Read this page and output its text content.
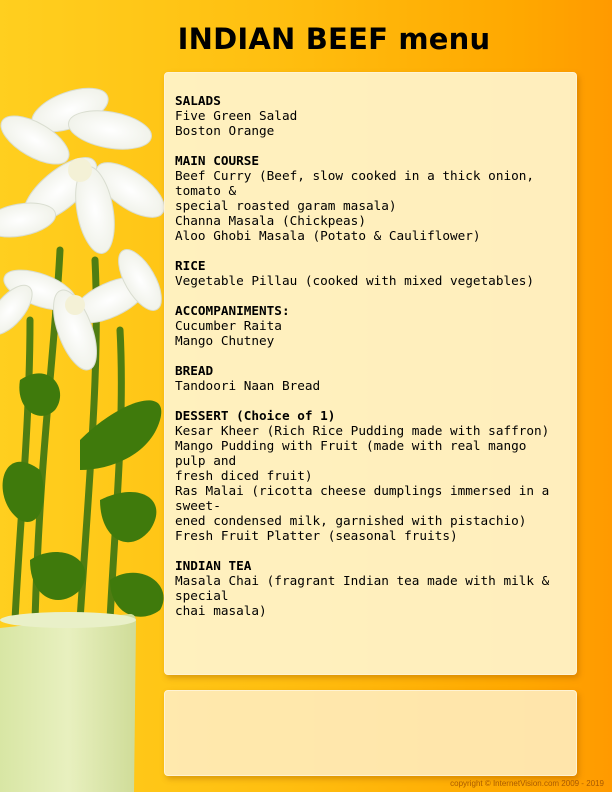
INDIAN BEEF menu
SALADS
Five Green Salad
Boston Orange
MAIN COURSE
Beef Curry (Beef, slow cooked in a thick onion, tomato &
special roasted garam masala)
Channa Masala (Chickpeas)
Aloo Ghobi Masala (Potato & Cauliflower)
RICE
Vegetable Pillau (cooked with mixed vegetables)
ACCOMPANIMENTS:
Cucumber Raita
Mango Chutney
BREAD
Tandoori Naan Bread
DESSERT (Choice of 1)
Kesar Kheer (Rich Rice Pudding made with saffron)
Mango Pudding with Fruit (made with real mango pulp and
fresh diced fruit)
Ras Malai (ricotta cheese dumplings immersed in a sweet-
ened condensed milk, garnished with pistachio)
Fresh Fruit Platter (seasonal fruits)
INDIAN TEA
Masala Chai (fragrant Indian tea made with milk & special
chai masala)
copyright © InternetVision.com 2009 - 2019
